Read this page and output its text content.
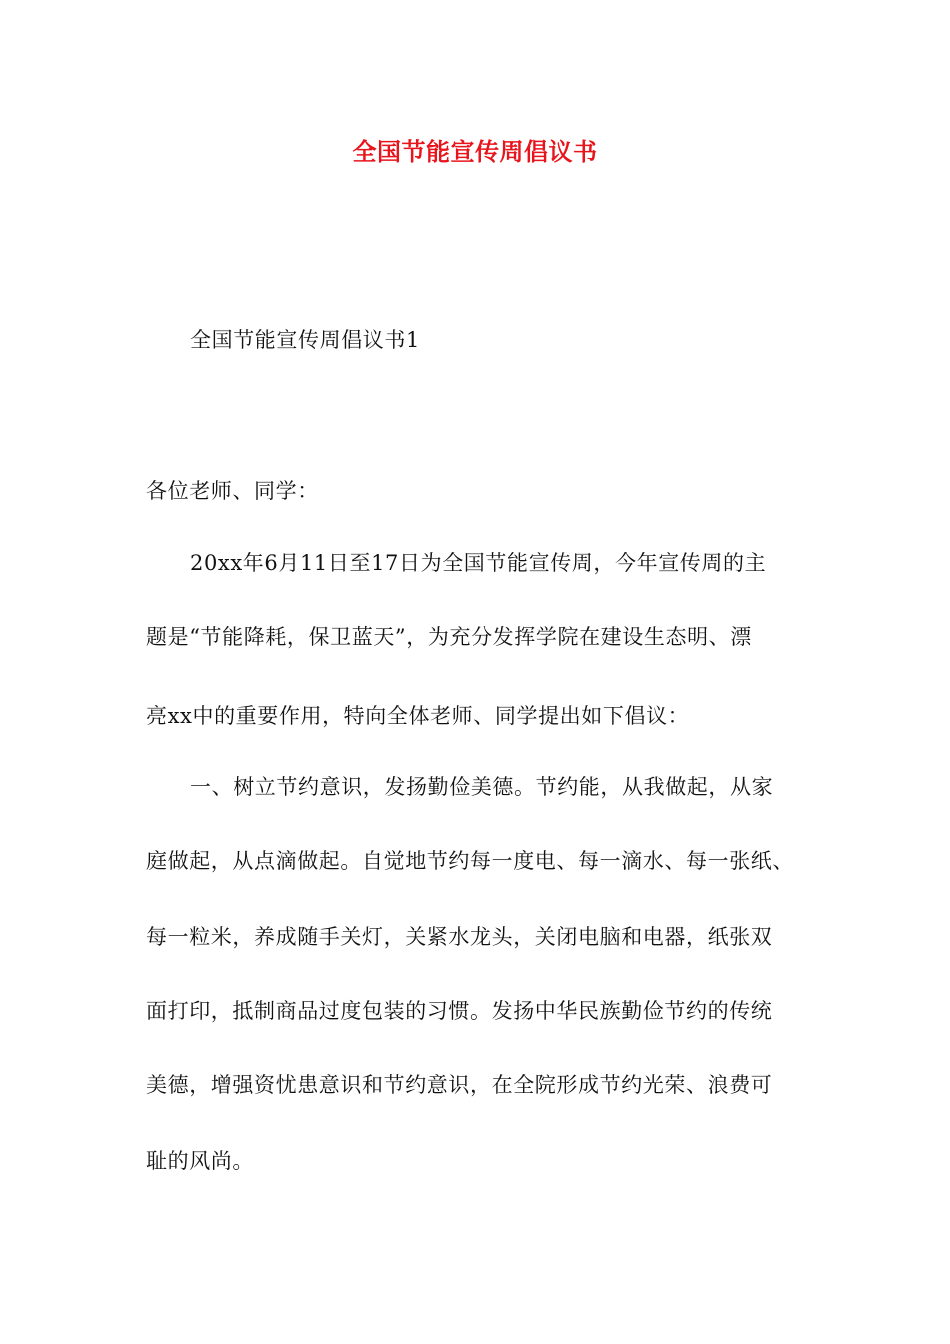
全国节能宣传周倡议书
全国节能宣传周倡议书1
各位老师、同学：
20xx年6月11日至17日为全国节能宣传周，今年宣传周的主
题是“节能降耗，保卫蓝天”，为充分发挥学院在建设生态明、漂
亮xx中的重要作用，特向全体老师、同学提出如下倡议：
一、树立节约意识，发扬勤俭美德。节约能，从我做起，从家
庭做起，从点滴做起。自觉地节约每一度电、每一滴水、每一张纸、
每一粒米，养成随手关灯，关紧水龙头，关闭电脑和电器，纸张双
面打印，抵制商品过度包装的习惯。发扬中华民族勤俭节约的传统
美德，增强资忧患意识和节约意识，在全院形成节约光荣、浪费可
耻的风尚。
